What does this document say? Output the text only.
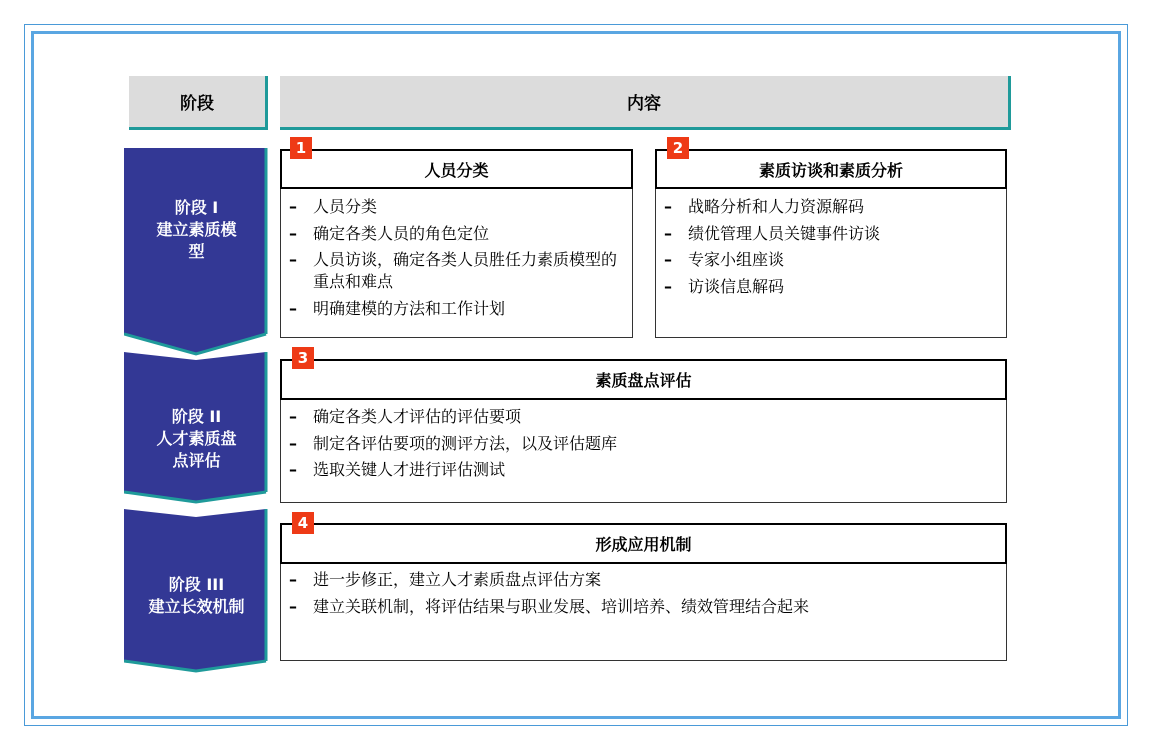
阶段	内容
阶段 I
建立素质模
型
阶段 II
人才素质盘
点评估
阶段 III
建立长效机制
人员分类
1
– 人员分类
– 确定各类人员的角色定位
– 人员访谈，确定各类人员胜任力素质模型的重点和难点
– 明确建模的方法和工作计划
素质访谈和素质分析
2
– 战略分析和人力资源解码
– 绩优管理人员关键事件访谈
– 专家小组座谈
– 访谈信息解码
素质盘点评估
3
– 确定各类人才评估的评估要项
– 制定各评估要项的测评方法，以及评估题库
– 选取关键人才进行评估测试
形成应用机制
4
– 进一步修正，建立人才素质盘点评估方案
– 建立关联机制，将评估结果与职业发展、培训培养、绩效管理结合起来
